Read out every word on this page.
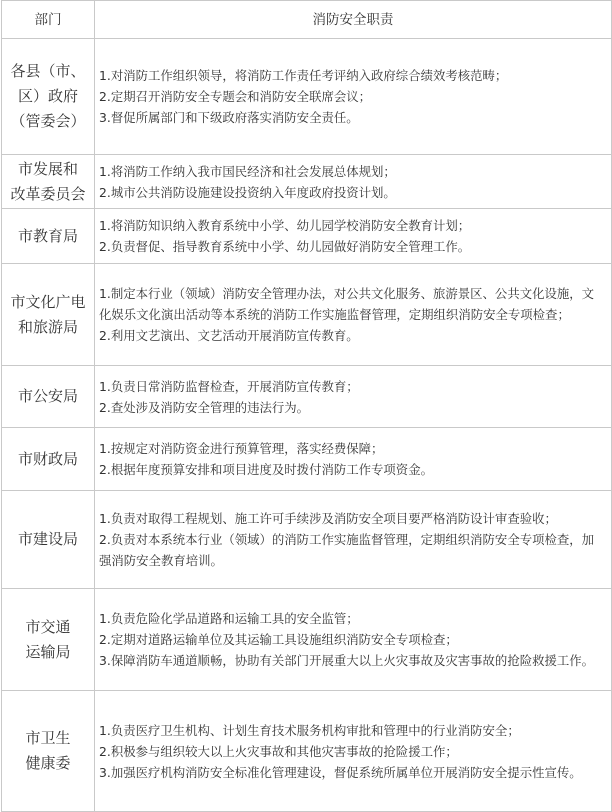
部门	消防安全职责

各县（市、
区）政府
（管委会）	1.对消防工作组织领导，将消防工作责任考评纳入政府综合绩效考核范畴；
2.定期召开消防安全专题会和消防安全联席会议；
3.督促所属部门和下级政府落实消防安全责任。

市发展和
改革委员会	1.将消防工作纳入我市国民经济和社会发展总体规划；
2.城市公共消防设施建设投资纳入年度政府投资计划。

市教育局	1.将消防知识纳入教育系统中小学、幼儿园学校消防安全教育计划；
2.负责督促、指导教育系统中小学、幼儿园做好消防安全管理工作。

市文化广电
和旅游局	1.制定本行业（领域）消防安全管理办法，对公共文化服务、旅游景区、公共文化设施，文化娱乐文化演出活动等本系统的消防工作实施监督管理，定期组织消防安全专项检查；
2.利用文艺演出、文艺活动开展消防宣传教育。

市公安局	1.负责日常消防监督检查，开展消防宣传教育；
2.查处涉及消防安全管理的违法行为。

市财政局	1.按规定对消防资金进行预算管理，落实经费保障；
2.根据年度预算安排和项目进度及时拨付消防工作专项资金。

市建设局	1.负责对取得工程规划、施工许可手续涉及消防安全项目要严格消防设计审查验收；
2.负责对本系统本行业（领域）的消防工作实施监督管理，定期组织消防安全专项检查，加强消防安全教育培训。

市交通
运输局	1.负责危险化学品道路和运输工具的安全监管；
2.定期对道路运输单位及其运输工具设施组织消防安全专项检查；
3.保障消防车通道顺畅，协助有关部门开展重大以上火灾事故及灾害事故的抢险救援工作。

市卫生
健康委	1.负责医疗卫生机构、计划生育技术服务机构审批和管理中的行业消防安全；
2.积极参与组织较大以上火灾事故和其他灾害事故的抢险援工作；
3.加强医疗机构消防安全标准化管理建设，督促系统所属单位开展消防安全提示性宣传。
